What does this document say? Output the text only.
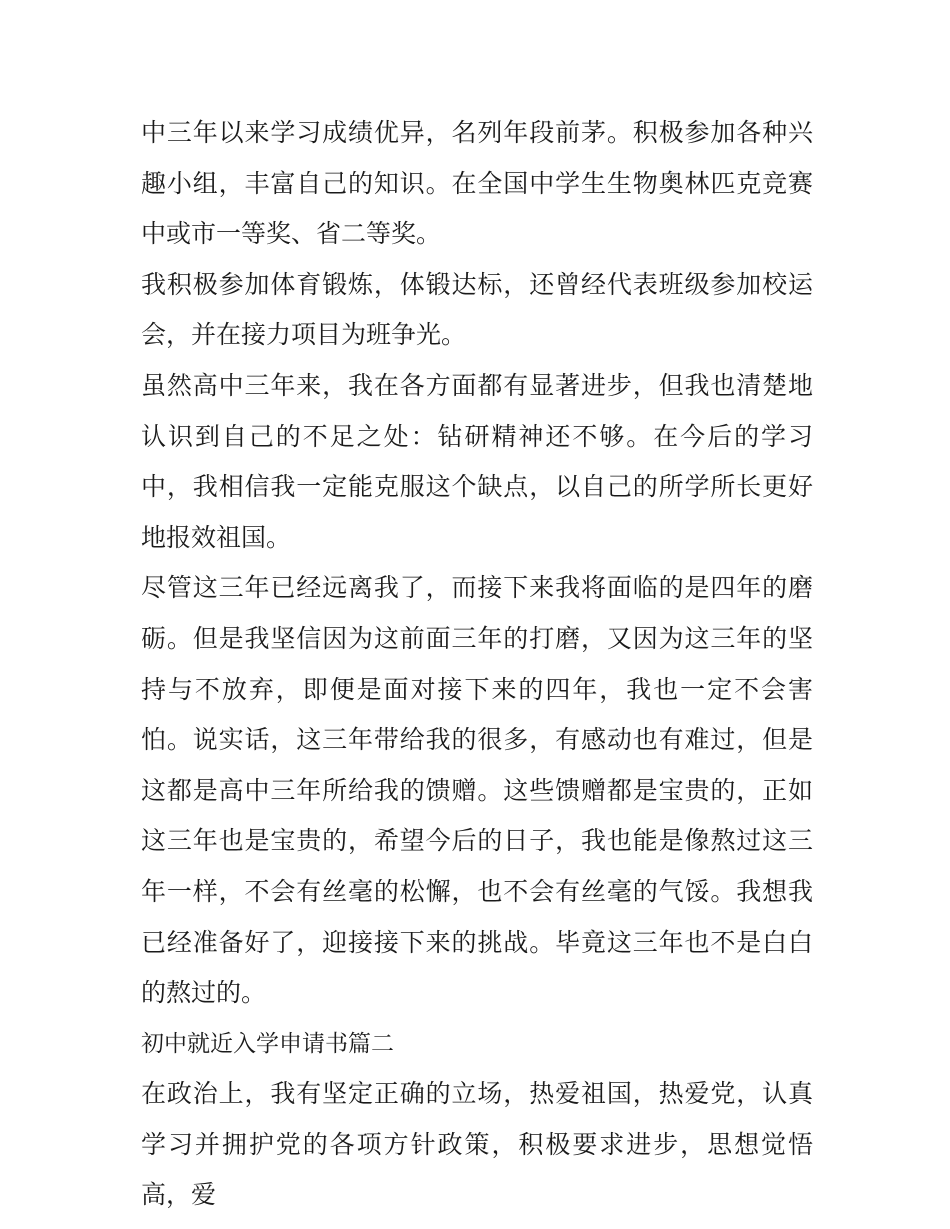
中三年以来学习成绩优异，名列年段前茅。积极参加各种兴趣小组，丰富自己的知识。在全国中学生生物奥林匹克竞赛中或市一等奖、省二等奖。

我积极参加体育锻炼，体锻达标，还曾经代表班级参加校运会，并在接力项目为班争光。

虽然高中三年来，我在各方面都有显著进步，但我也清楚地认识到自己的不足之处：钻研精神还不够。在今后的学习中，我相信我一定能克服这个缺点，以自己的所学所长更好地报效祖国。

尽管这三年已经远离我了，而接下来我将面临的是四年的磨砺。但是我坚信因为这前面三年的打磨，又因为这三年的坚持与不放弃，即便是面对接下来的四年，我也一定不会害怕。说实话，这三年带给我的很多，有感动也有难过，但是这都是高中三年所给我的馈赠。这些馈赠都是宝贵的，正如这三年也是宝贵的，希望今后的日子，我也能是像熬过这三年一样，不会有丝毫的松懈，也不会有丝毫的气馁。我想我已经准备好了，迎接接下来的挑战。毕竟这三年也不是白白的熬过的。

初中就近入学申请书篇二

在政治上，我有坚定正确的立场，热爱祖国，热爱党，认真学习并拥护党的各项方针政策，积极要求进步，思想觉悟高，爱
